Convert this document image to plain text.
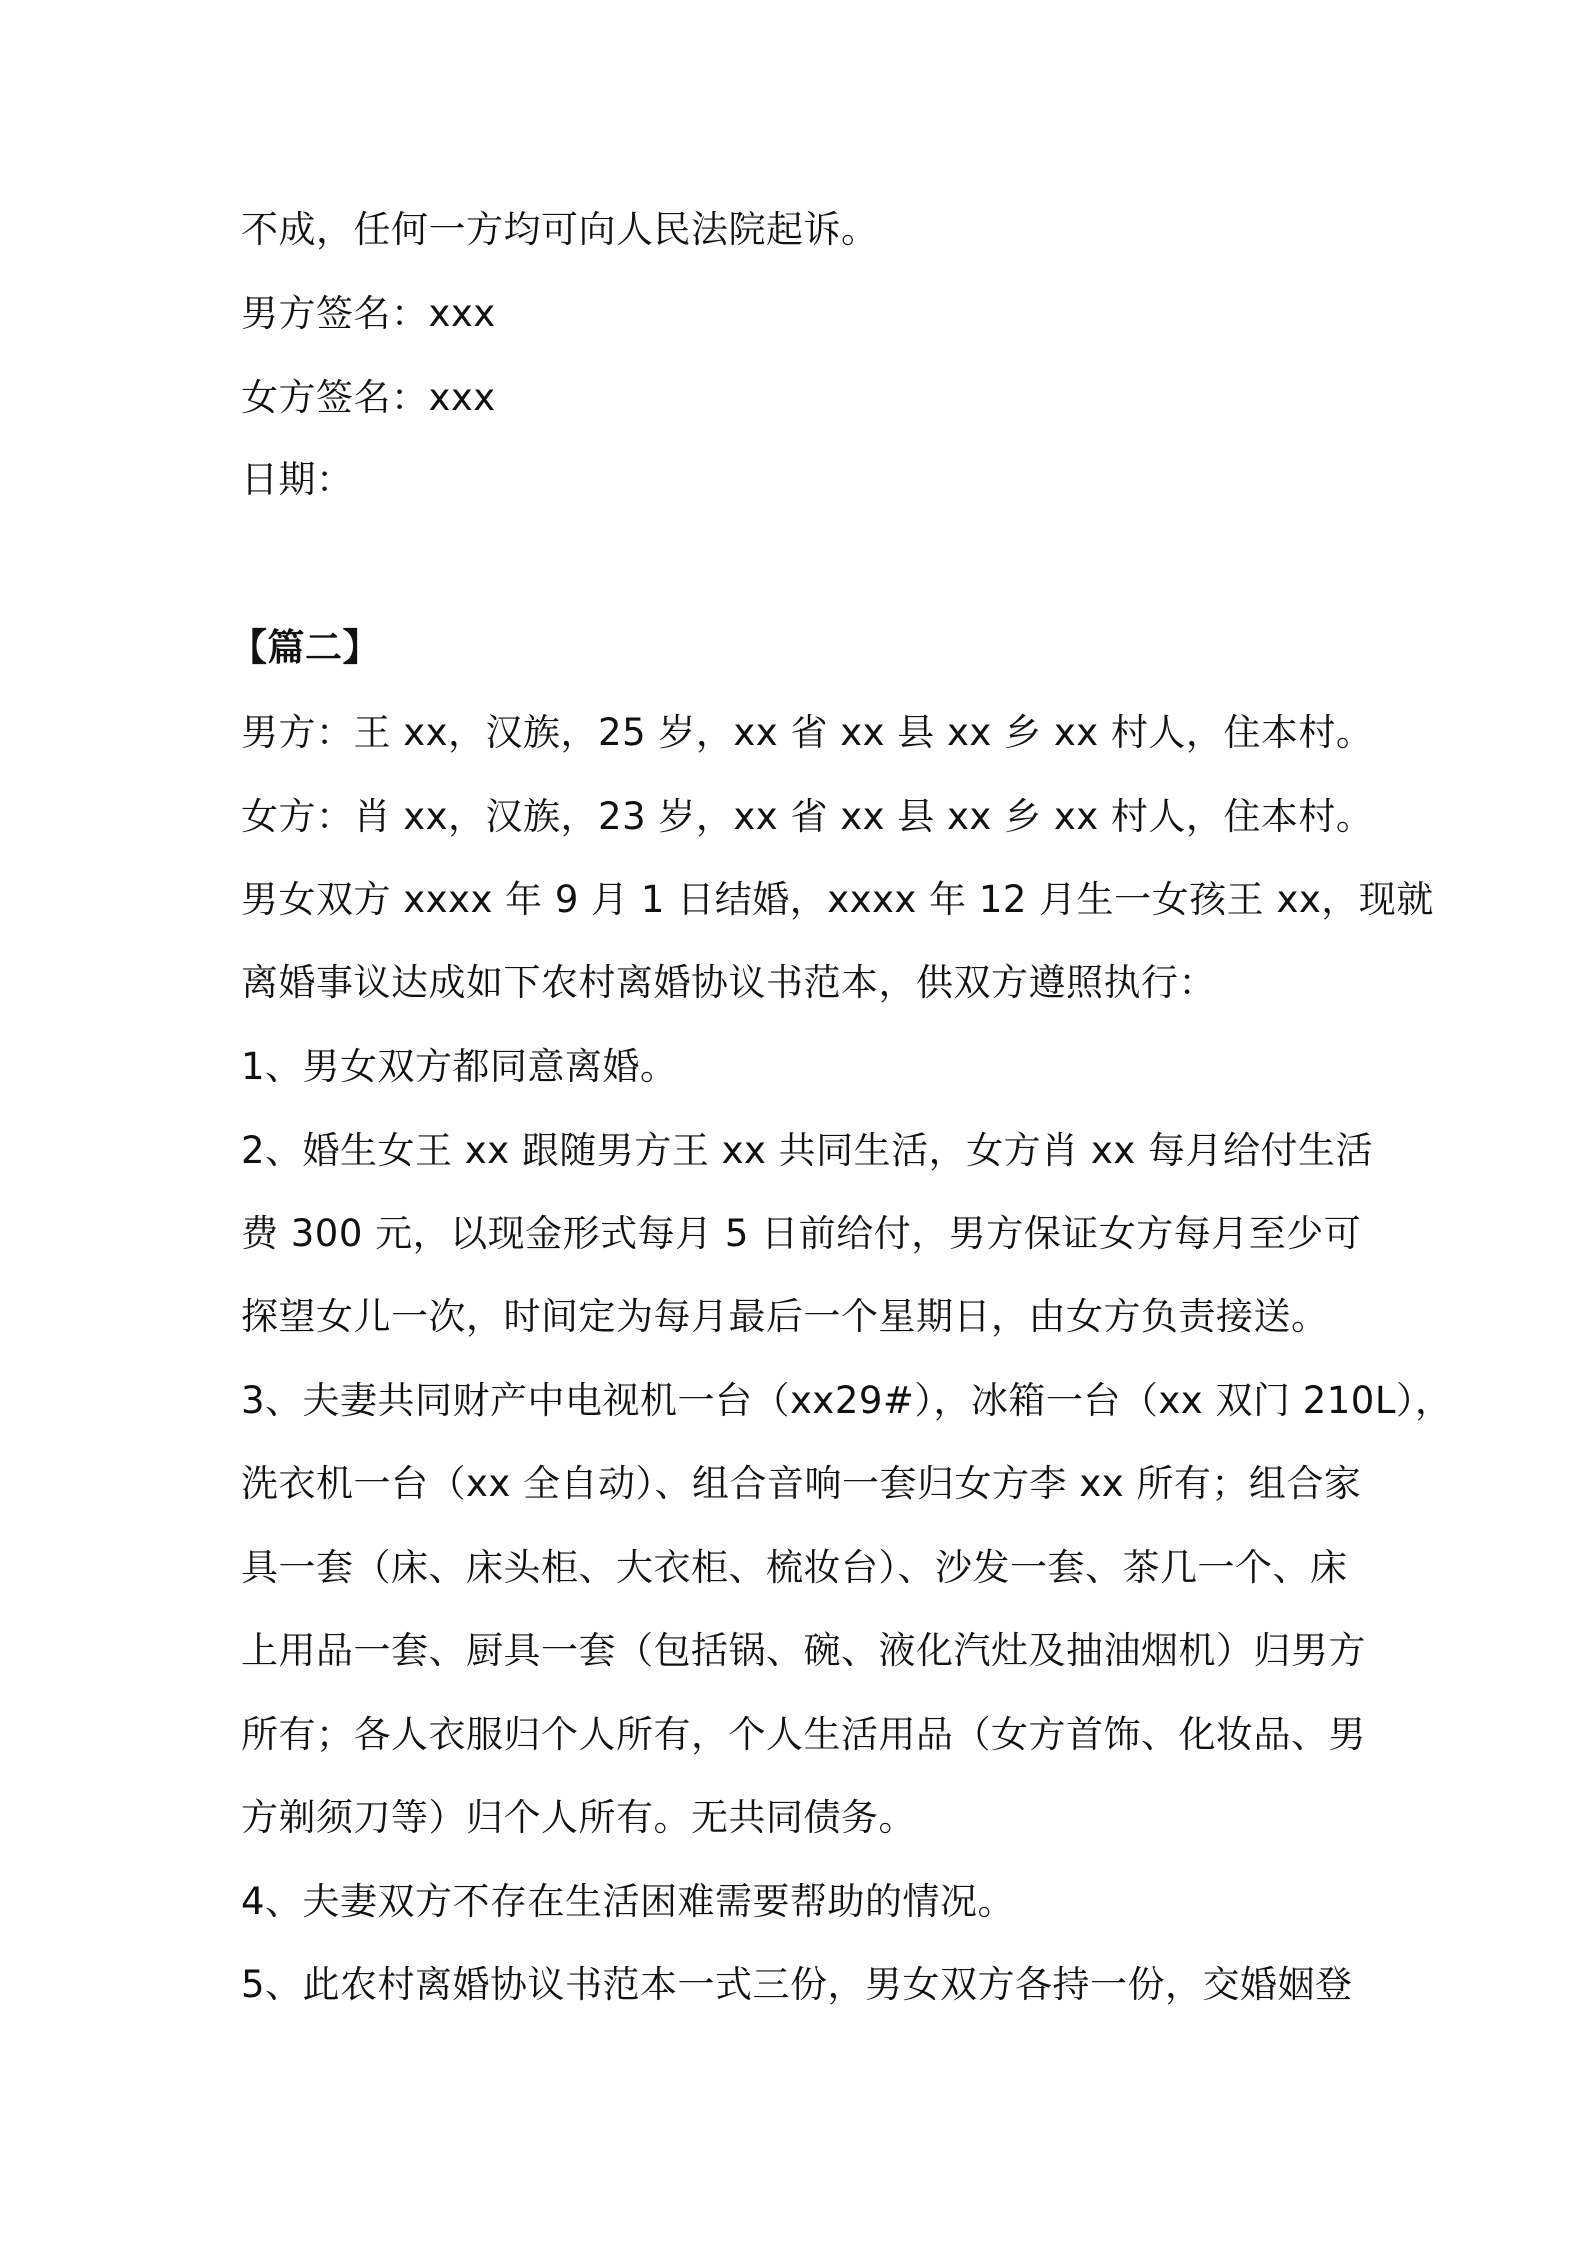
不成，任何一方均可向人民法院起诉。
男方签名：xxx
女方签名：xxx
日期：
【篇二】
男方：王 xx，汉族，25 岁，xx 省 xx 县 xx 乡 xx 村人，住本村。
女方：肖 xx，汉族，23 岁，xx 省 xx 县 xx 乡 xx 村人，住本村。
男女双方 xxxx 年 9 月 1 日结婚，xxxx 年 12 月生一女孩王 xx，现就
离婚事议达成如下农村离婚协议书范本，供双方遵照执行：
1、男女双方都同意离婚。
2、婚生女王 xx 跟随男方王 xx 共同生活，女方肖 xx 每月给付生活
费 300 元，以现金形式每月 5 日前给付，男方保证女方每月至少可
探望女儿一次，时间定为每月最后一个星期日，由女方负责接送。
3、夫妻共同财产中电视机一台（xx29#），冰箱一台（xx 双门 210L），
洗衣机一台（xx 全自动）、组合音响一套归女方李 xx 所有；组合家
具一套（床、床头柜、大衣柜、梳妆台）、沙发一套、茶几一个、床
上用品一套、厨具一套（包括锅、碗、液化汽灶及抽油烟机）归男方
所有；各人衣服归个人所有，个人生活用品（女方首饰、化妆品、男
方剃须刀等）归个人所有。无共同债务。
4、夫妻双方不存在生活困难需要帮助的情况。
5、此农村离婚协议书范本一式三份，男女双方各持一份，交婚姻登
